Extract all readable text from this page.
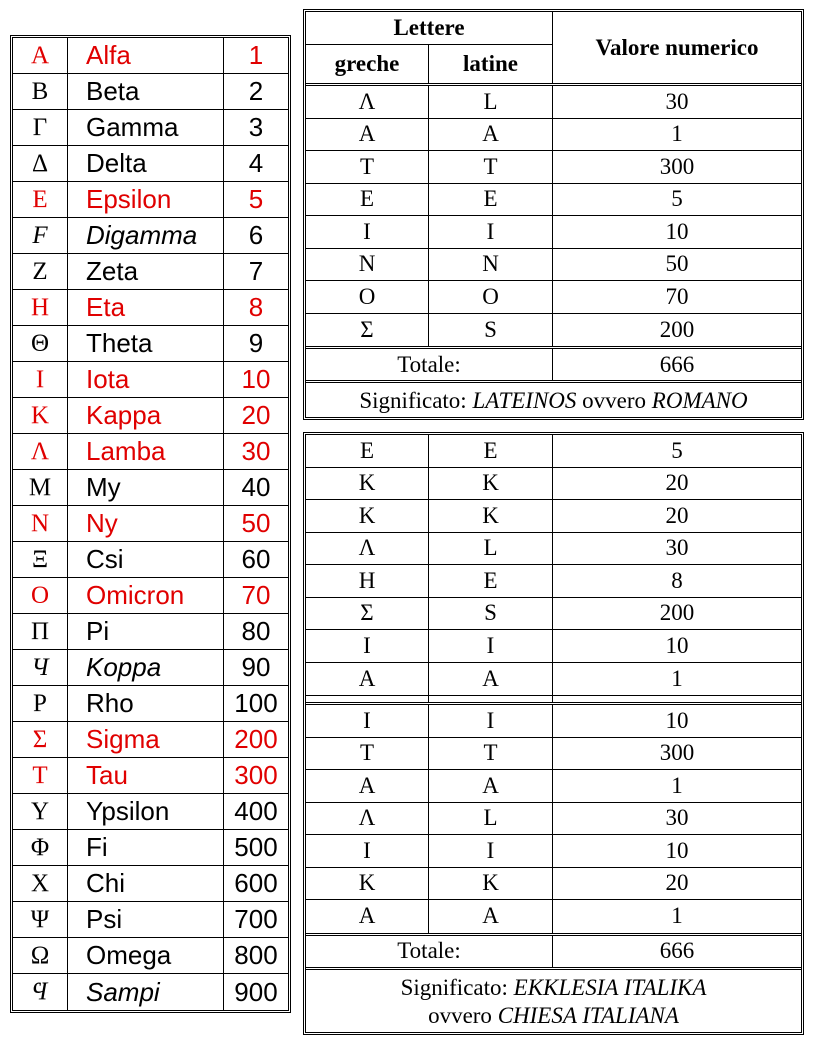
Α	Alfa	1
Β	Beta	2
Γ	Gamma	3
Δ	Delta	4
Ε	Epsilon	5
F	Digamma	6
Ζ	Zeta	7
Η	Eta	8
Θ	Theta	9
Ι	Iota	10
Κ	Kappa	20
Λ	Lamba	30
Μ	My	40
Ν	Ny	50
Ξ	Csi	60
Ο	Omicron	70
Π	Pi	80
Ч	Koppa	90
Ρ	Rho	100
Σ	Sigma	200
Τ	Tau	300
Υ	Ypsilon	400
Φ	Fi	500
Χ	Chi	600
Ψ	Psi	700
Ω	Omega	800
Ϥ	Sampi	900
Lettere
greche	latine
Valore numerico
Λ	L	30
Α	A	1
Τ	T	300
Ε	E	5
Ι	I	10
Ν	N	50
Ο	O	70
Σ	S	200
Totale:	666
Significato: LATEINOS ovvero ROMANO
Ε	E	5
Κ	K	20
Κ	K	20
Λ	L	30
Η	E	8
Σ	S	200
Ι	I	10
Α	A	1
Ι	I	10
Τ	T	300
Α	A	1
Λ	L	30
Ι	I	10
Κ	K	20
Α	A	1
Totale:	666
Significato: EKKLESIA ITALIKA
ovvero CHIESA ITALIANA
